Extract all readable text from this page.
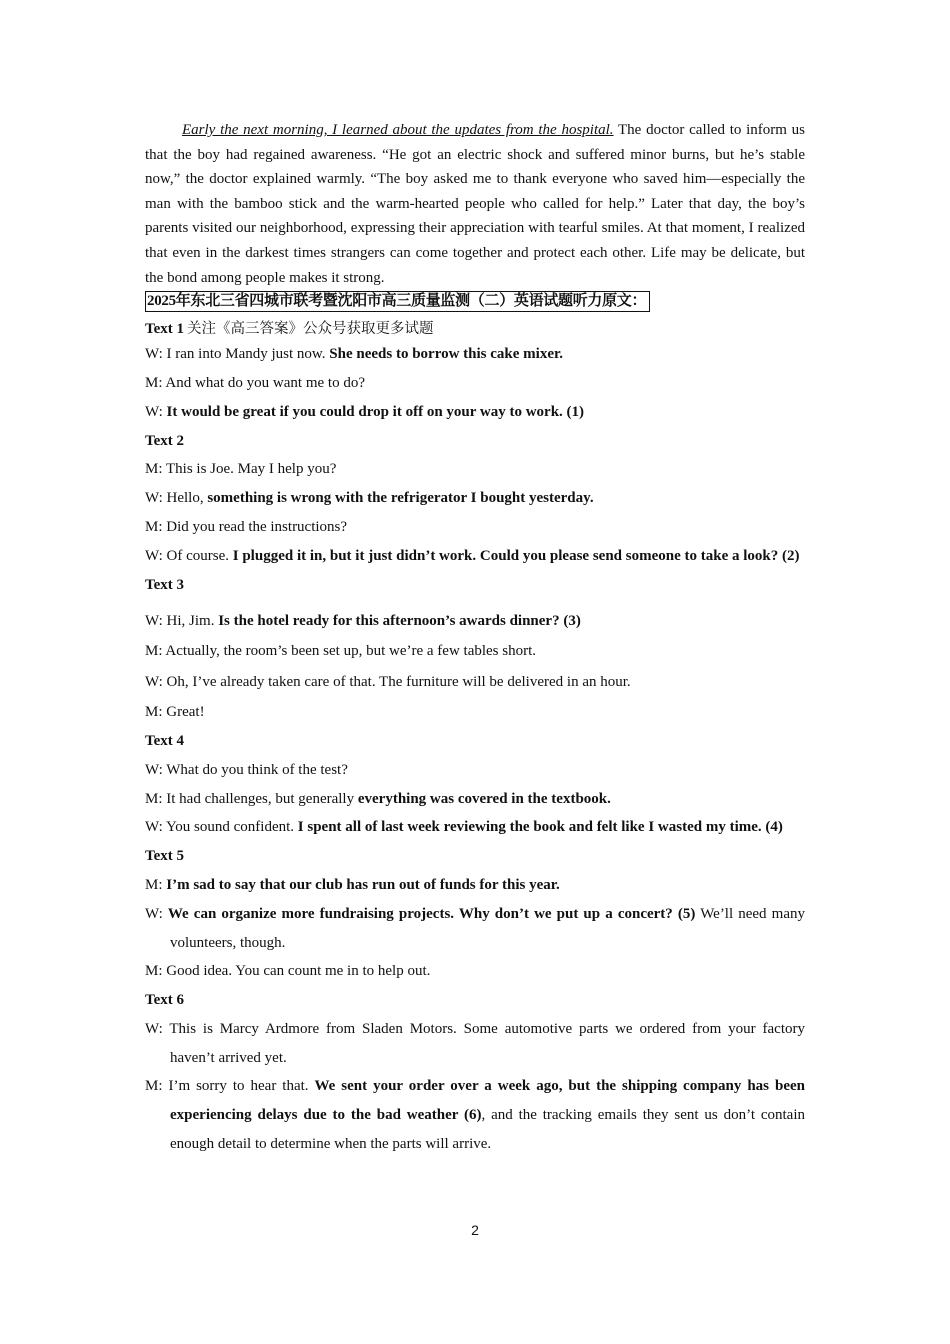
Early the next morning, I learned about the updates from the hospital. The doctor called to inform us that the boy had regained awareness. “He got an electric shock and suffered minor burns, but he’s stable now,” the doctor explained warmly. “The boy asked me to thank everyone who saved him—especially the man with the bamboo stick and the warm-hearted people who called for help.” Later that day, the boy’s parents visited our neighborhood, expressing their appreciation with tearful smiles. At that moment, I realized that even in the darkest times strangers can come together and protect each other. Life may be delicate, but the bond among people makes it strong.

2025年东北三省四城市联考暨沈阳市高三质量监测（二）英语试题听力原文：
Text 1 关注《高三答案》公众号获取更多试题
W: I ran into Mandy just now. She needs to borrow this cake mixer.
M: And what do you want me to do?
W: It would be great if you could drop it off on your way to work. (1)
Text 2
M: This is Joe. May I help you?
W: Hello, something is wrong with the refrigerator I bought yesterday.
M: Did you read the instructions?
W: Of course. I plugged it in, but it just didn’t work. Could you please send someone to take a look? (2)
Text 3
W: Hi, Jim. Is the hotel ready for this afternoon’s awards dinner? (3)
M: Actually, the room’s been set up, but we’re a few tables short.
W: Oh, I’ve already taken care of that. The furniture will be delivered in an hour.
M: Great!
Text 4
W: What do you think of the test?
M: It had challenges, but generally everything was covered in the textbook.
W: You sound confident. I spent all of last week reviewing the book and felt like I wasted my time. (4)
Text 5
M: I’m sad to say that our club has run out of funds for this year.
W: We can organize more fundraising projects. Why don’t we put up a concert? (5) We’ll need many volunteers, though.
M: Good idea. You can count me in to help out.
Text 6
W: This is Marcy Ardmore from Sladen Motors. Some automotive parts we ordered from your factory haven’t arrived yet.
M: I’m sorry to hear that. We sent your order over a week ago, but the shipping company has been experiencing delays due to the bad weather (6), and the tracking emails they sent us don’t contain enough detail to determine when the parts will arrive.
2
